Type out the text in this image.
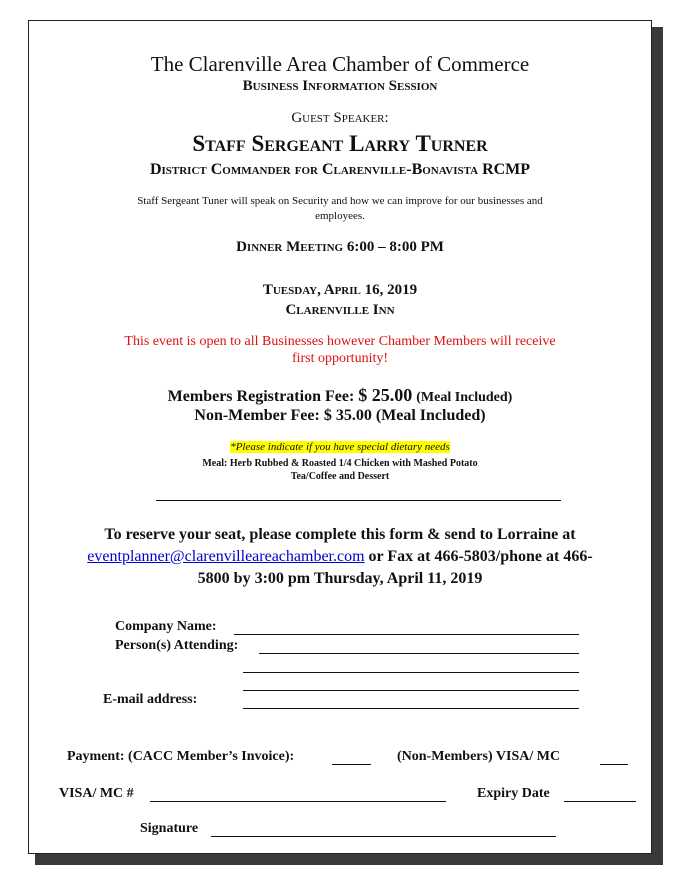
The Clarenville Area Chamber of Commerce
Business Information Session
Guest Speaker:
Staff Sergeant Larry Turner
District Commander for Clarenville-Bonavista RCMP
Staff Sergeant Tuner will speak on Security and how we can improve for our businesses and
employees.
Dinner Meeting 6:00 – 8:00 PM
Tuesday, April 16, 2019
Clarenville Inn
This event is open to all Businesses however Chamber Members will receive
first opportunity!
Members Registration Fee: $ 25.00 (Meal Included)
Non-Member Fee: $ 35.00 (Meal Included)
*Please indicate if you have special dietary needs
Meal: Herb Rubbed & Roasted 1/4 Chicken with Mashed Potato
Tea/Coffee and Dessert
To reserve your seat, please complete this form & send to Lorraine at
eventplanner@clarenvilleareachamber.com or Fax at 466-5803/phone at 466-
5800 by 3:00 pm Thursday, April 11, 2019
Company Name:
Person(s) Attending:
E-mail address:
Payment: (CACC Member’s Invoice):	(Non-Members) VISA/ MC
VISA/ MC #	Expiry Date
Signature
